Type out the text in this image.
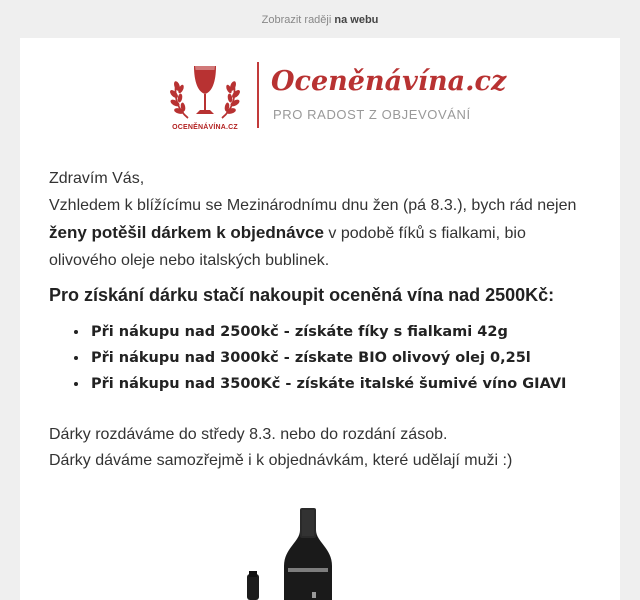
Zobrazit raději na webu
OCENĚNÁVÍNA.CZ
Oceněnávína.cz
PRO RADOST Z OBJEVOVÁNÍ

Zdravím Vás,

Vzhledem k blížícímu se Mezinárodnímu dnu žen (pá 8.3.), bych rád nejen

ženy potěšil dárkem k objednávce v podobě fíků s fialkami, bio

olivového oleje nebo italských bublinek.

Pro získání dárku stačí nakoupit oceněná vína nad 2500Kč:
• Při nákupu nad 2500kč - získáte fíky s fialkami 42g
• Při nákupu nad 3000kč - získate BIO olivový olej 0,25l
• Při nákupu nad 3500Kč - získáte italské šumivé víno GIAVI

Dárky rozdáváme do středy 8.3. nebo do rozdání zásob.

Dárky dáváme samozřejmě i k objednávkám, které udělají muži :)
